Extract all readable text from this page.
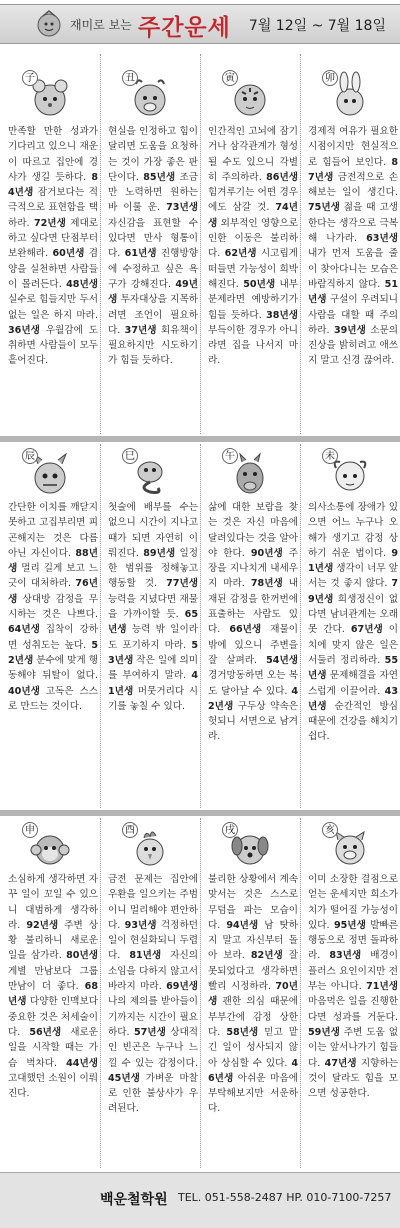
재미로 보는 주간운세 7월 12일 ~ 7월 18일
子
만족할 만한 성과가 기다리고 있으니 재운이 따르고 집안에 경사가 생길 듯하다. 84년생 잠거보다는 적극적으로 표현함을 택하라. 72년생 제대로 하고 싶다면 단점부터 보완해라. 60년생 겸양을 실천하면 사람들이 몰려든다. 48년생 실수로 힘들지만 두서없는 일은 하지 마라. 36년생 우월감에 도취하면 사람들이 모두 흩어진다.
丑
현실을 인정하고 힘이 달리면 도움을 요청하는 것이 가장 좋은 판단이다. 85년생 조금만 노력하면 원하는 바 이룰 운. 73년생 자신감을 표현할 수 있다면 만사 형통이다. 61년생 진행방향에 수정하고 싶은 욕구가 강해진다. 49년생 투자대상을 지목하려면 조언이 필요하다. 37년생 회유책이 필요하지만 시도하기가 힘들 듯하다.
寅
인간적인 고뇌에 잠기거나 삼각관계가 형성될 수도 있으니 각별히 주의하라. 86년생 힘겨루기는 어떤 경우에도 삼갈 것. 74년생 외부적인 영향으로 인한 이동은 불리하다. 62년생 시고립게 떠들면 가능성이 희박해진다. 50년생 내부분제라면 예방하기가 힘들 듯하다. 38년생 부득이한 경우가 아니라면 집을 나서지 마라.
卯
경제적 여유가 필요한 시점이지만 현실적으로 힘들어 보인다. 87년생 금전적으로 손해보는 일이 생긴다. 75년생 젊을 때 고생한다는 생각으로 극복해 나가라. 63년생 내가 먼저 도움을 줄이 찾아다니는 모습은 바람직하지 않다. 51년생 구설이 우려되니 사람을 대할 때 주의하라. 39년생 소문의 진상을 밝히려고 애쓰지 말고 신경 끊어라.
辰
간단한 이치를 깨닫지 못하고 고집부리면 피곤해지는 것은 다름 아닌 자신이다. 88년생 멀리 길게 보고 느긋이 대처하라. 76년생 상대방 감정을 무시하는 것은 나쁘다. 64년생 집착이 강하면 성취도는 높다. 52년생 분수에 맞게 행동해야 뒤탈이 없다. 40년생 고독은 스스로 만드는 것이다.
巳
첫술에 배부를 수는 없으니 시간이 지나고 때가 되면 자연히 이뤄진다. 89년생 일정한 범위를 정해놓고 행동할 것. 77년생 능력을 지녔다면 재물을 가까이할 듯. 65년생 능력 밖 일이라도 포기하지 마라. 53년생 작은 일에 의미를 부여하지 말라. 41년생 머뭇거리다 시기를 놓칠 수 있다.
午
삶에 대한 보람을 찾는 것은 자신 마음에 달려있다는 것을 알아야 한다. 90년생 주장을 지나치게 내세우지 마라. 78년생 내재된 감정을 한꺼번에 표출하는 사람도 있다. 66년생 재물이 밖에 있으니 주변을 잘 살펴라. 54년생 경거망동하면 오는 복도 달아날 수 있다. 42년생 구두상 약속은 헛되니 서면으로 남겨라.
未
의사소통에 장애가 있으면 어느 누구나 오해가 생기고 감정 상하기 쉬운 법이다. 91년생 생각이 너무 앞서는 것 좋지 않다. 79년생 희생정신이 없다면 남녀관계는 오래 못 간다. 67년생 이치에 맞지 않은 일은 서둘러 정리하라. 55년생 문제해결을 자연스럽게 이끌어라. 43년생 순간적인 방심 때문에 건강을 해치기 쉽다.
申
소심하게 생각하면 자꾸 일이 꼬일 수 있으니 대범하게 생각하라. 92년생 주변 상황 불리하니 새로운 일을 삼가라. 80년생 게별 만남보다 그룹 만남이 더 좋다. 68년생 다양한 인맥보다 중요한 것은 처세술이다. 56년생 새로운 일을 시작할 때는 가슴 벅차다. 44년생 고대했던 소원이 이뤄진다.
酉
금전 문제는 집안에 우환을 일으키는 주범이니 멀리해야 편안하다. 93년생 걱정하던 일이 현실화되니 두렵다. 81년생 자신의 소임을 다하지 않고서 바라지 마라. 69년생 나의 제의를 받아들이기까지는 시간이 필요하다. 57년생 상대적인 빈곤은 누구나 느낄 수 있는 감정이다. 45년생 가벼운 마찰로 인한 불상사가 우려된다.
戌
불리한 상황에서 계속 맞서는 것은 스스로 무덤을 파는 모습이다. 94년생 남 탓하지 말고 자신부터 돌아 보라. 82년생 잘못되었다고 생각하면 빨리 시정하라. 70년생 괜한 의심 때문에 부부간에 감정 상한다. 58년생 믿고 맡긴 일이 성사되지 않아 상심할 수 있다. 46년생 아쉬운 마음에 부탁해보지만 서운하다.
亥
이미 소장한 결점으로 얻는 운세지만 희소가치가 떨어질 가능성이 있다. 95년생 발빠른 행동으로 정면 돌파하라. 83년생 배경이 플러스 요인이지만 전부는 아니다. 71년생 마음먹은 일을 진행한다면 성과를 거둔다. 59년생 주변 도움 없이는 앞서나가기 힘들다. 47년생 지향하는 것이 달라도 힘을 모으면 성공한다.
백운철학원 TEL. 051-558-2487 HP. 010-7100-7257
